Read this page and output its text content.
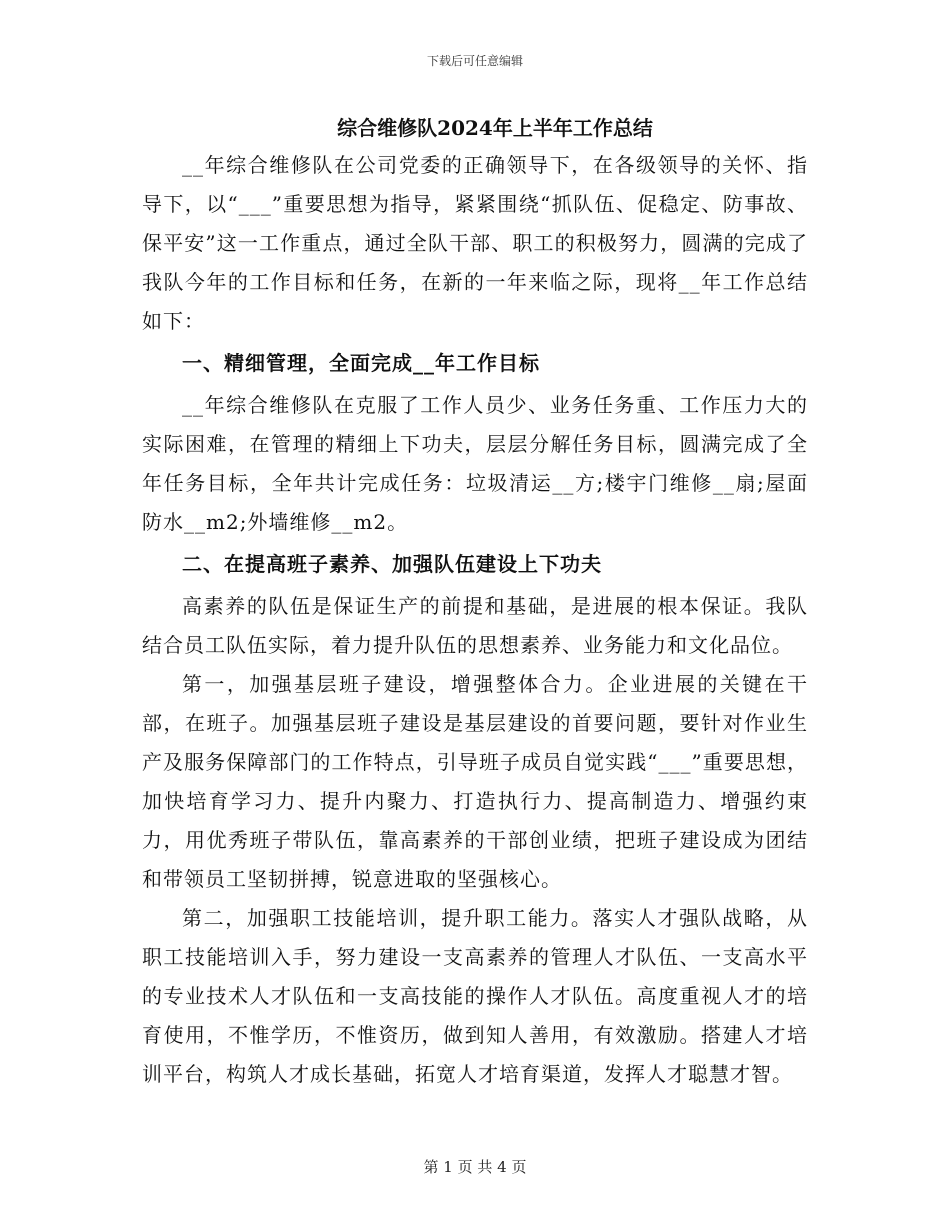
下载后可任意编辑
综合维修队2024年上半年工作总结

__年综合维修队在公司党委的正确领导下，在各级领导的关怀、指导下，以“___”重要思想为指导，紧紧围绕“抓队伍、促稳定、防事故、保平安”这一工作重点，通过全队干部、职工的积极努力，圆满的完成了我队今年的工作目标和任务，在新的一年来临之际，现将__年工作总结如下：

一、精细管理，全面完成__年工作目标

__年综合维修队在克服了工作人员少、业务任务重、工作压力大的实际困难，在管理的精细上下功夫，层层分解任务目标，圆满完成了全年任务目标，全年共计完成任务：垃圾清运__方;楼宇门维修__扇;屋面防水__m2;外墙维修__m2。

二、在提高班子素养、加强队伍建设上下功夫

高素养的队伍是保证生产的前提和基础，是进展的根本保证。我队结合员工队伍实际，着力提升队伍的思想素养、业务能力和文化品位。

第一，加强基层班子建设，增强整体合力。企业进展的关键在干部，在班子。加强基层班子建设是基层建设的首要问题，要针对作业生产及服务保障部门的工作特点，引导班子成员自觉实践“___”重要思想，加快培育学习力、提升内聚力、打造执行力、提高制造力、增强约束力，用优秀班子带队伍，靠高素养的干部创业绩，把班子建设成为团结和带领员工坚韧拼搏，锐意进取的坚强核心。

第二，加强职工技能培训，提升职工能力。落实人才强队战略，从职工技能培训入手，努力建设一支高素养的管理人才队伍、一支高水平的专业技术人才队伍和一支高技能的操作人才队伍。高度重视人才的培育使用，不惟学历，不惟资历，做到知人善用，有效激励。搭建人才培训平台，构筑人才成长基础，拓宽人才培育渠道，发挥人才聪慧才智。

第 1 页 共 4 页
